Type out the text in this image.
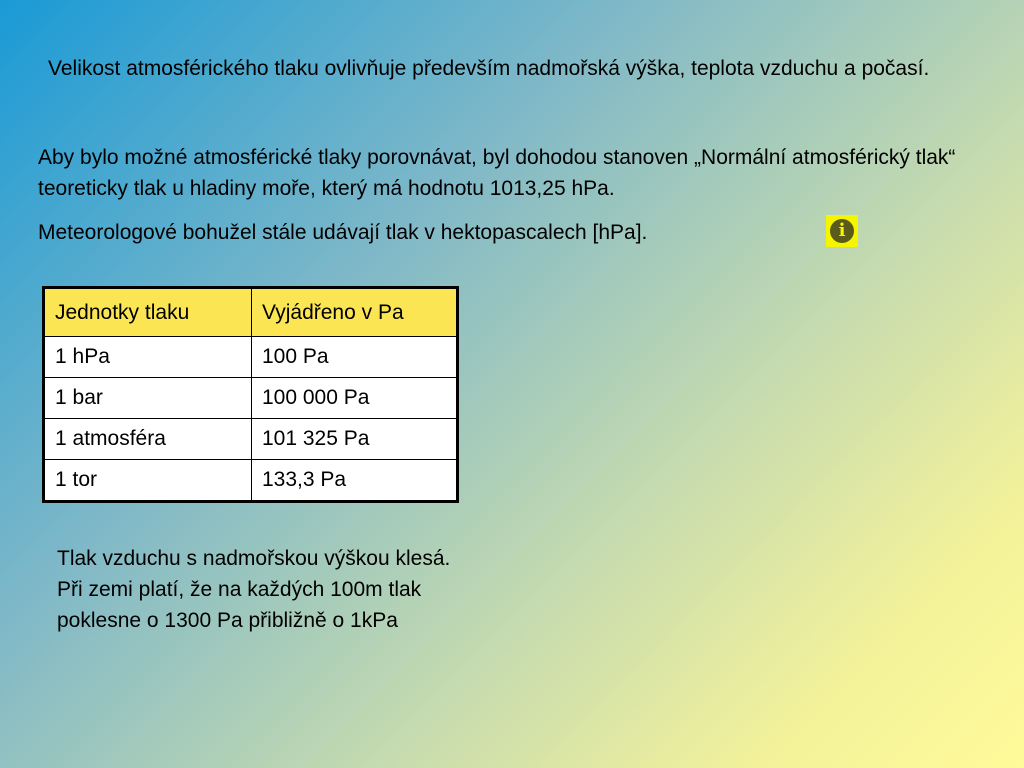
Velikost atmosférického tlaku ovlivňuje především nadmořská výška, teplota vzduchu a počasí.

Aby bylo možné atmosférické tlaky porovnávat, byl dohodou stanoven „Normální atmosférický tlak“ teoreticky tlak u hladiny moře, který má hodnotu 1013,25 hPa.

Meteorologové bohužel stále udávají tlak v hektopascalech [hPa].	i
Jednotky tlaku	Vyjádřeno v Pa
1 hPa	100 Pa
1 bar	100 000 Pa
1 atmosféra	101 325 Pa
1 tor	133,3 Pa

Tlak vzduchu s nadmořskou výškou klesá. Při zemi platí, že na každých 100m tlak poklesne o 1300 Pa přibližně o 1kPa
